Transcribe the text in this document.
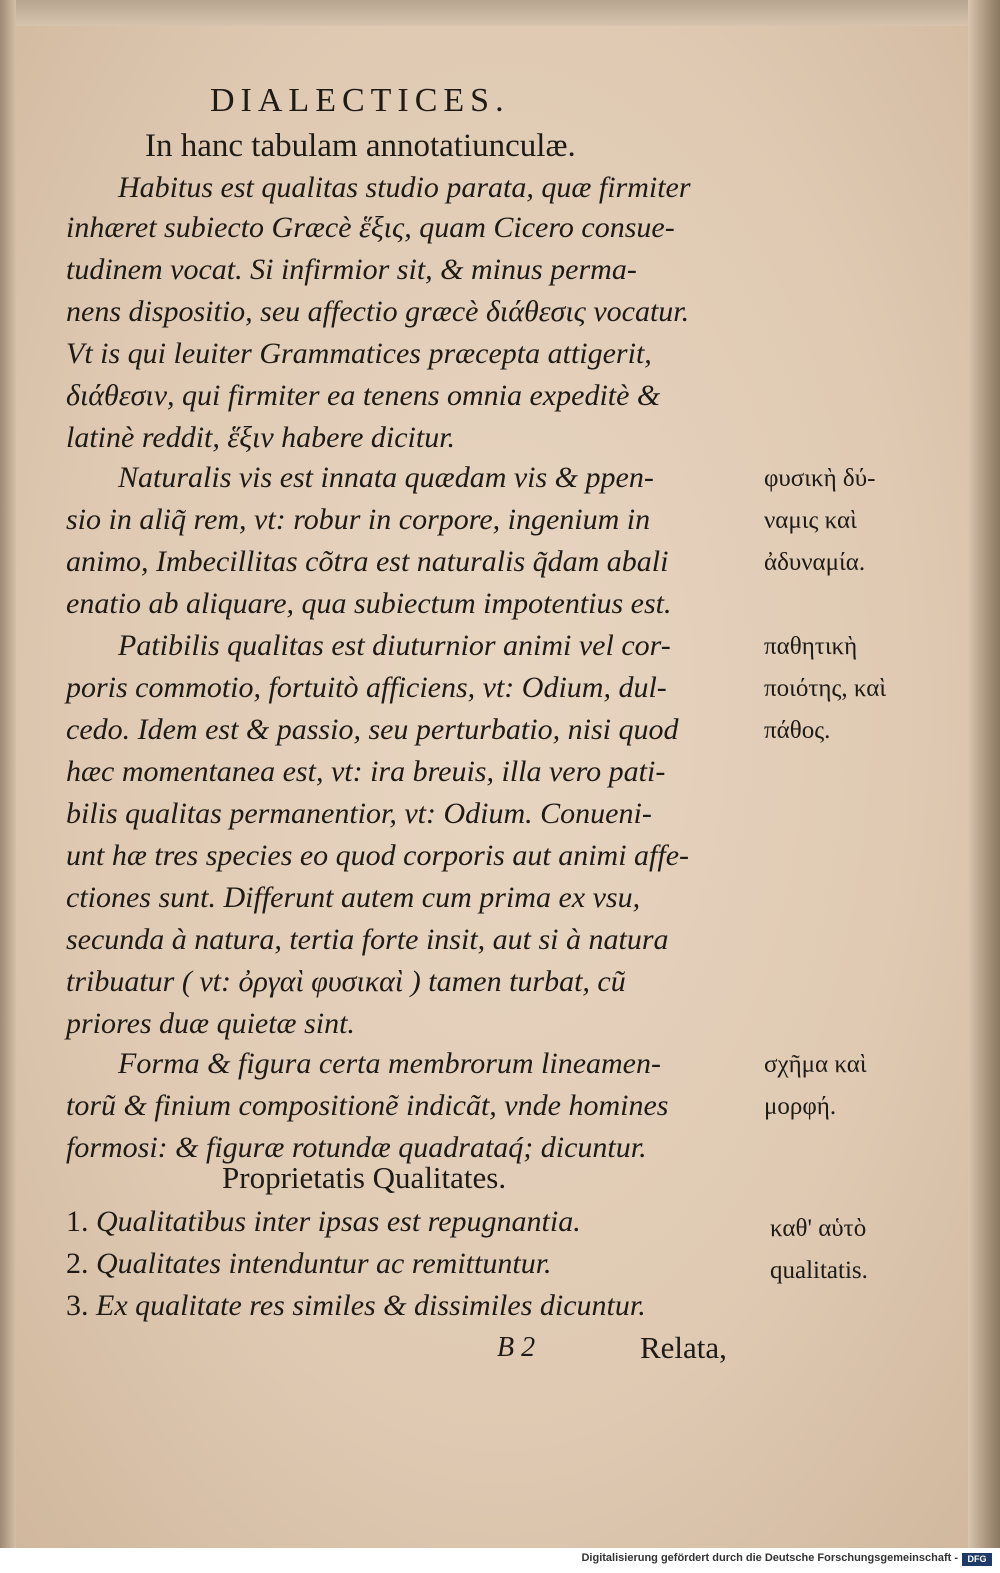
DIALECTICES.
In hanc tabulam annotatiunculæ.
Habitus est qualitas studio parata, quæ firmiter
inhæret subiecto Græcè ἕξις, quam Cicero consue-
tudinem vocat. Si infirmior sit, & minus perma-
nens dispositio, seu affectio græcè διάθεσις vocatur.
Vt is qui leuiter Grammatices præcepta attigerit,
διάθεσιν, qui firmiter ea tenens omnia expeditè &
latinè reddit, ἕξιν habere dicitur.
Naturalis vis est innata quædam vis & ppen-
sio in aliq̃ rem, vt: robur in corpore, ingenium in
animo, Imbecillitas cõtra est naturalis q̃dam abali
enatio ab aliquare, qua subiectum impotentius est.
Patibilis qualitas est diuturnior animi vel cor-
poris commotio, fortuitò afficiens, vt: Odium, dul-
cedo. Idem est & passio, seu perturbatio, nisi quod
hæc momentanea est, vt: ira breuis, illa vero pati-
bilis qualitas permanentior, vt: Odium. Conueni-
unt hæ tres species eo quod corporis aut animi affe-
ctiones sunt. Differunt autem cum prima ex vsu,
secunda à natura, tertia forte insit, aut si à natura
tribuatur ( vt: ὀργαὶ φυσικαὶ ) tamen turbat, cũ
priores duæ quietæ sint.
Forma & figura certa membrorum lineamen-
torũ & finium compositionẽ indicãt, vnde homines
formosi: & figuræ rotundæ quadrataq́; dicuntur.
φυσικὴ δύ-
ναμις καὶ
ἀδυναμία.
παθητικὴ
ποιότης, καὶ
πάθος.
σχῆμα καὶ
μορφή.
καθ' αὑτὸ
qualitatis.
Proprietatis Qualitates.
1. Qualitatibus inter ipsas est repugnantia.
2. Qualitates intenduntur ac remittuntur.
3. Ex qualitate res similes & dissimiles dicuntur.
B 2	Relata,
Digitalisierung gefördert durch die Deutsche Forschungsgemeinschaft -	DFG
